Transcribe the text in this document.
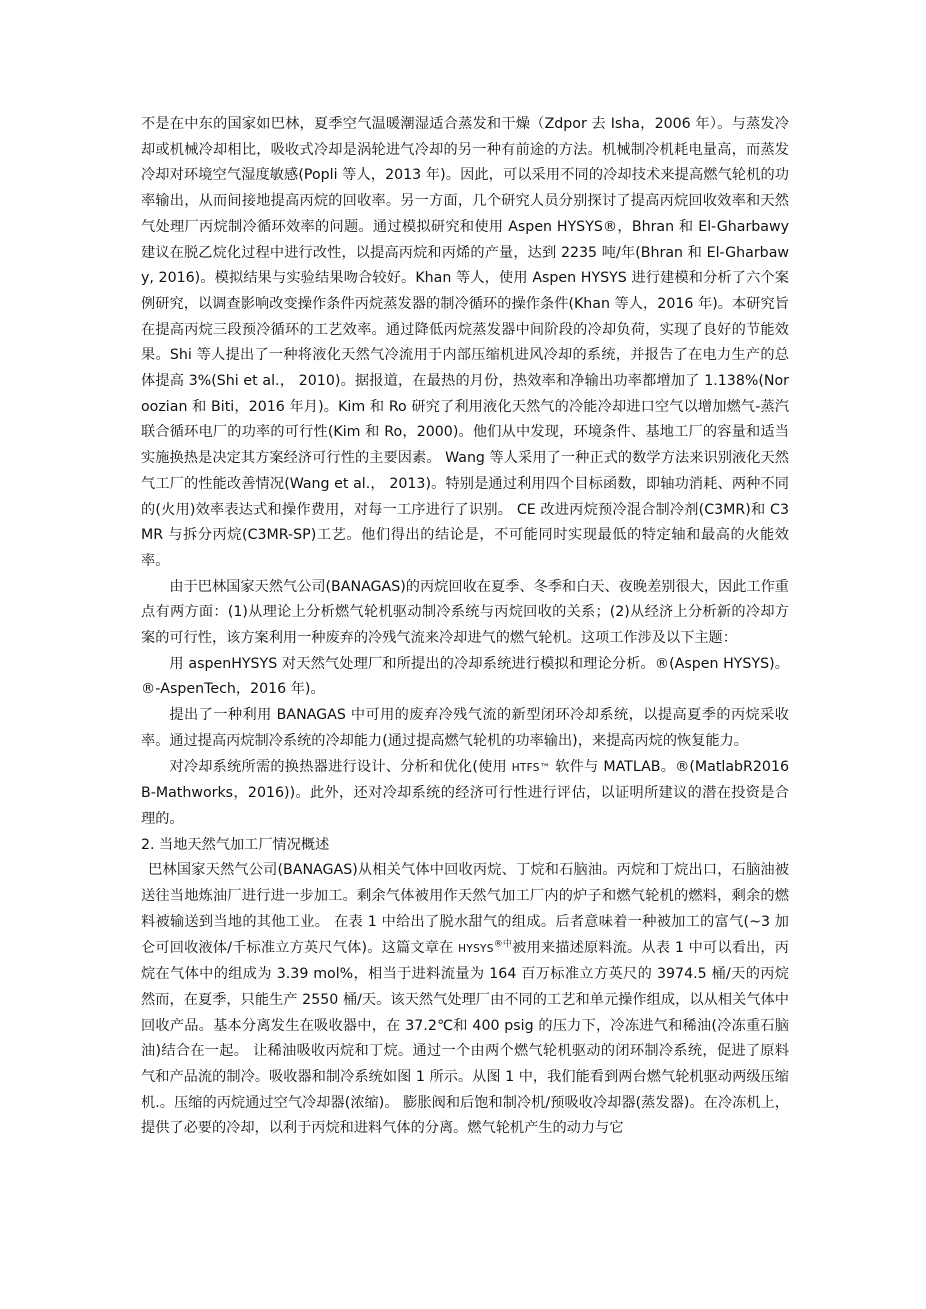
不是在中东的国家如巴林，夏季空气温暖潮湿适合蒸发和干燥（Zdpor 去 Isha，2006 年）。与蒸发冷却或机械冷却相比，吸收式冷却是涡轮进气冷却的另一种有前途的方法。机械制冷机耗电量高，而蒸发冷却对环境空气湿度敏感(Popli 等人，2013 年)。因此，可以采用不同的冷却技术来提高燃气轮机的功率输出，从而间接地提高丙烷的回收率。另一方面，几个研究人员分别探讨了提高丙烷回收效率和天然气处理厂丙烷制冷循环效率的问题。通过模拟研究和使用 Aspen HYSYS®，Bhran 和 El-Gharbawy 建议在脱乙烷化过程中进行改性，以提高丙烷和丙烯的产量，达到 2235 吨/年(Bhran 和 El-Gharbawy, 2016)。模拟结果与实验结果吻合较好。Khan 等人，使用 Aspen HYSYS 进行建模和分析了六个案例研究，以调查影响改变操作条件丙烷蒸发器的制冷循环的操作条件(Khan 等人，2016 年)。本研究旨在提高丙烷三段预冷循环的工艺效率。通过降低丙烷蒸发器中间阶段的冷却负荷，实现了良好的节能效果。Shi 等人提出了一种将液化天然气冷流用于内部压缩机进风冷却的系统，并报告了在电力生产的总体提高 3%(Shi et al.， 2010)。据报道，在最热的月份，热效率和净输出功率都增加了 1.138%(Noroozian 和 Biti，2016 年月)。Kim 和 Ro 研究了利用液化天然气的冷能冷却进口空气以增加燃气-蒸汽联合循环电厂的功率的可行性(Kim 和 Ro，2000)。他们从中发现，环境条件、基地工厂的容量和适当实施换热是决定其方案经济可行性的主要因素。 Wang 等人采用了一种正式的数学方法来识别液化天然气工厂的性能改善情况(Wang et al.， 2013)。特别是通过利用四个目标函数，即轴功消耗、两种不同的(火用)效率表达式和操作费用，对每一工序进行了识别。 CE 改进丙烷预冷混合制冷剂(C3MR)和 C3MR 与拆分丙烷(C3MR-SP)工艺。他们得出的结论是，不可能同时实现最低的特定轴和最高的火能效率。

由于巴林国家天然气公司(BANAGAS)的丙烷回收在夏季、冬季和白天、夜晚差别很大，因此工作重点有两方面：(1)从理论上分析燃气轮机驱动制冷系统与丙烷回收的关系；(2)从经济上分析新的冷却方案的可行性，该方案利用一种废弃的冷残气流来冷却进气的燃气轮机。这项工作涉及以下主题：

用 aspenHYSYS 对天然气处理厂和所提出的冷却系统进行模拟和理论分析。®(Aspen HYSYS)。®-AspenTech，2016 年)。

提出了一种利用 BANAGAS 中可用的废弃冷残气流的新型闭环冷却系统，以提高夏季的丙烷采收率。通过提高丙烷制冷系统的冷却能力(通过提高燃气轮机的功率输出)，来提高丙烷的恢复能力。

对冷却系统所需的换热器进行设计、分析和优化(使用 HTFS™ 软件与 MATLAB。®(MatlabR2016B-Mathworks，2016))。此外，还对冷却系统的经济可行性进行评估，以证明所建议的潜在投资是合理的。

2. 当地天然气加工厂情况概述

巴林国家天然气公司(BANAGAS)从相关气体中回收丙烷、丁烷和石脑油。丙烷和丁烷出口，石脑油被送往当地炼油厂进行进一步加工。剩余气体被用作天然气加工厂内的炉子和燃气轮机的燃料，剩余的燃料被输送到当地的其他工业。 在表 1 中给出了脱水甜气的组成。后者意味着一种被加工的富气(~3 加仑可回收液体/千标准立方英尺气体)。这篇文章在 $HYSYS^{®中}$被用来描述原料流。从表 1 中可以看出，丙烷在气体中的组成为 3.39 mol%，相当于进料流量为 164 百万标准立方英尺的 3974.5 桶/天的丙烷然而，在夏季，只能生产 2550 桶/天。该天然气处理厂由不同的工艺和单元操作组成，以从相关气体中回收产品。基本分离发生在吸收器中，在 37.2℃和 400 psig 的压力下，冷冻进气和稀油(冷冻重石脑油)结合在一起。 让稀油吸收丙烷和丁烷。通过一个由两个燃气轮机驱动的闭环制冷系统，促进了原料气和产品流的制冷。吸收器和制冷系统如图 1 所示。从图 1 中，我们能看到两台燃气轮机驱动两级压缩机.。压缩的丙烷通过空气冷却器(浓缩)。 膨胀阀和后饱和制冷机/预吸收冷却器(蒸发器)。在冷冻机上，提供了必要的冷却，以利于丙烷和进料气体的分离。燃气轮机产生的动力与它
